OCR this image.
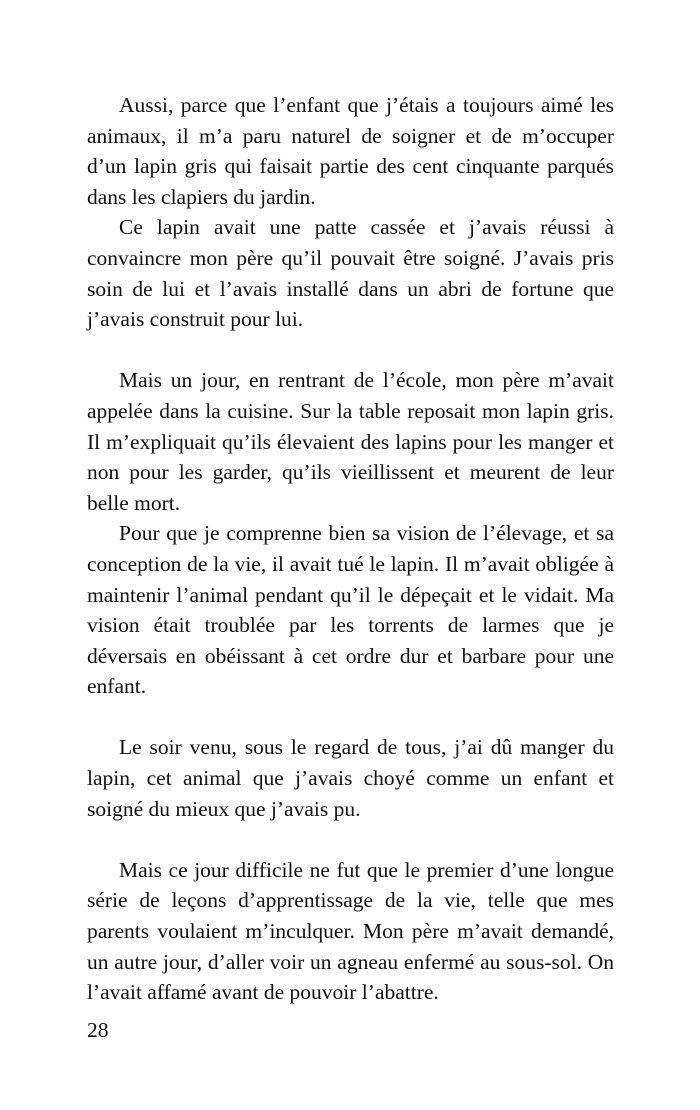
Aussi, parce que l’enfant que j’étais a toujours aimé les animaux, il m’a paru naturel de soigner et de m’occuper d’un lapin gris qui faisait partie des cent cinquante parqués dans les clapiers du jardin.

Ce lapin avait une patte cassée et j’avais réussi à convaincre mon père qu’il pouvait être soigné. J’avais pris soin de lui et l’avais installé dans un abri de fortune que j’avais construit pour lui.

Mais un jour, en rentrant de l’école, mon père m’avait appelée dans la cuisine. Sur la table reposait mon lapin gris. Il m’expliquait qu’ils élevaient des lapins pour les manger et non pour les garder, qu’ils vieillissent et meurent de leur belle mort.

Pour que je comprenne bien sa vision de l’élevage, et sa conception de la vie, il avait tué le lapin. Il m’avait obligée à maintenir l’animal pendant qu’il le dépeçait et le vidait. Ma vision était troublée par les torrents de larmes que je déversais en obéissant à cet ordre dur et barbare pour une enfant.

Le soir venu, sous le regard de tous, j’ai dû manger du lapin, cet animal que j’avais choyé comme un enfant et soigné du mieux que j’avais pu.

Mais ce jour difficile ne fut que le premier d’une longue série de leçons d’apprentissage de la vie, telle que mes parents voulaient m’inculquer. Mon père m’avait demandé, un autre jour, d’aller voir un agneau enfermé au sous-sol. On l’avait affamé avant de pouvoir l’abattre.

28
